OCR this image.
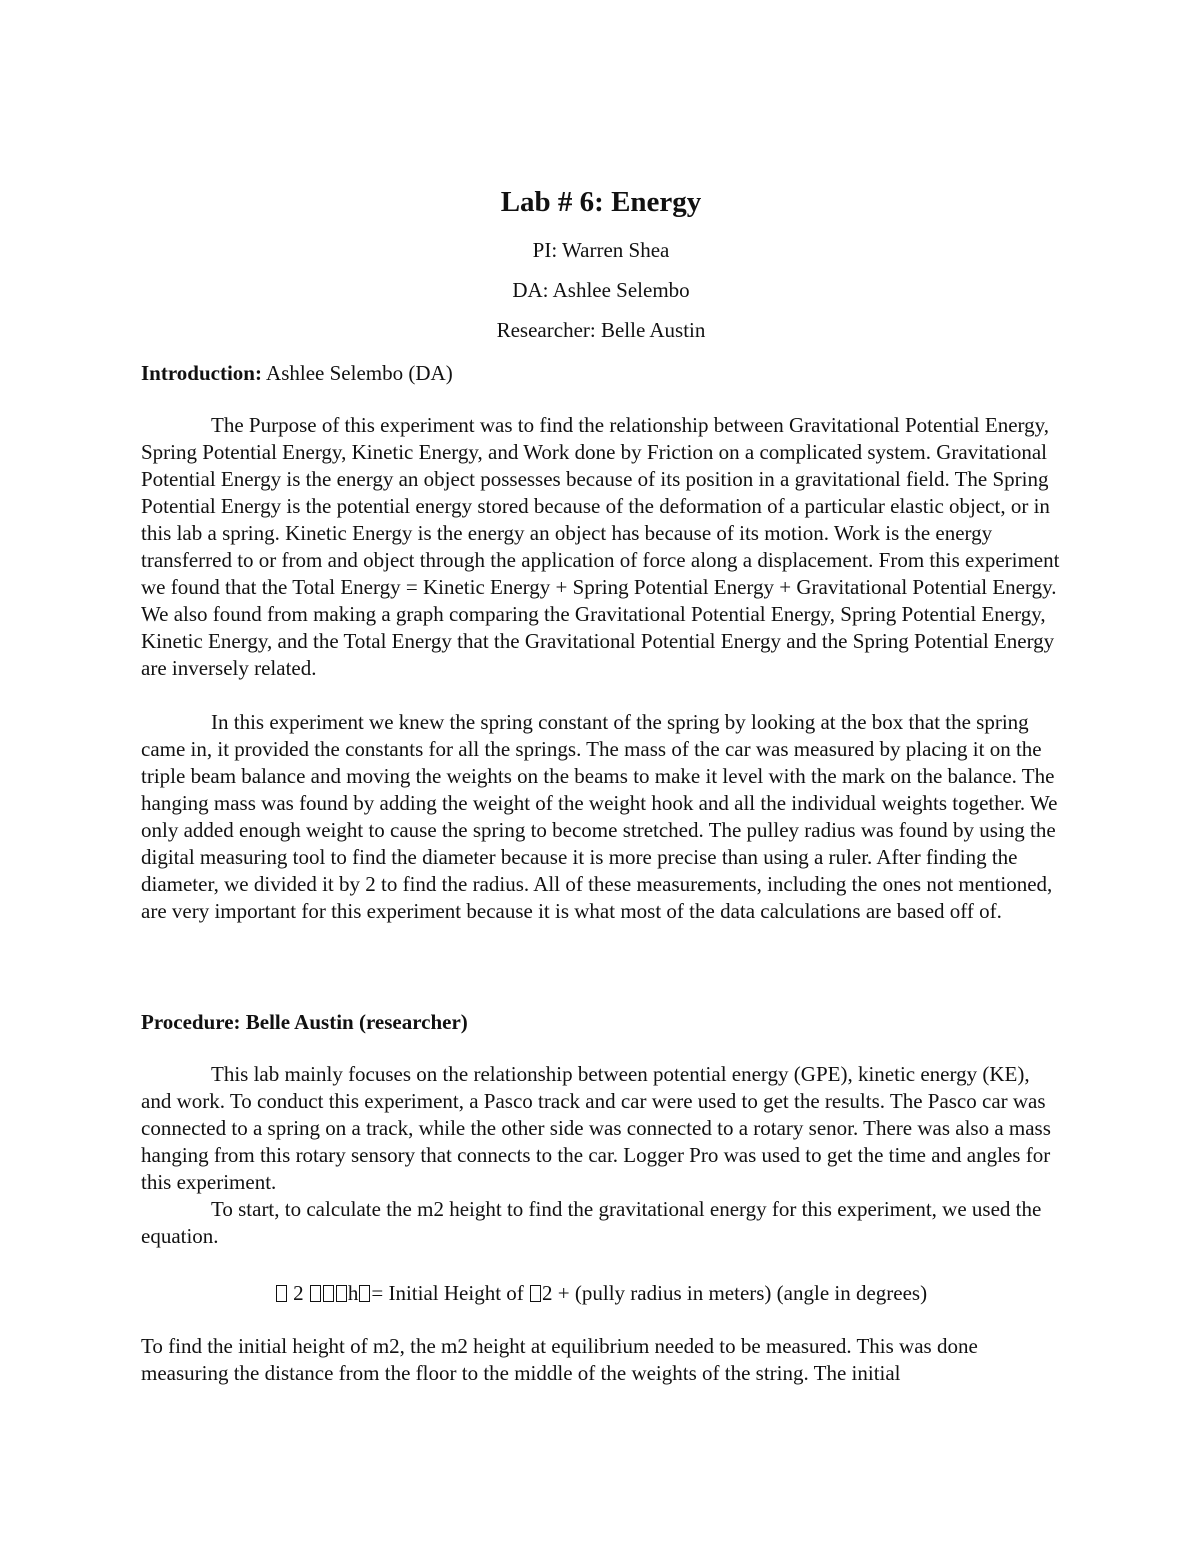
Lab # 6: Energy
PI: Warren Shea
DA: Ashlee Selembo
Researcher: Belle Austin
Introduction: Ashlee Selembo (DA)

The Purpose of this experiment was to find the relationship between Gravitational Potential Energy, Spring Potential Energy, Kinetic Energy, and Work done by Friction on a complicated system. Gravitational Potential Energy is the energy an object possesses because of its position in a gravitational field. The Spring Potential Energy is the potential energy stored because of the deformation of a particular elastic object, or in this lab a spring. Kinetic Energy is the energy an object has because of its motion. Work is the energy transferred to or from and object through the application of force along a displacement. From this experiment we found that the Total Energy = Kinetic Energy + Spring Potential Energy + Gravitational Potential Energy. We also found from making a graph comparing the Gravitational Potential Energy, Spring Potential Energy, Kinetic Energy, and the Total Energy that the Gravitational Potential Energy and the Spring Potential Energy are inversely related.

In this experiment we knew the spring constant of the spring by looking at the box that the spring came in, it provided the constants for all the springs. The mass of the car was measured by placing it on the triple beam balance and moving the weights on the beams to make it level with the mark on the balance. The hanging mass was found by adding the weight of the weight hook and all the individual weights together. We only added enough weight to cause the spring to become stretched. The pulley radius was found by using the digital measuring tool to find the diameter because it is more precise than using a ruler. After finding the diameter, we divided it by 2 to find the radius. All of these measurements, including the ones not mentioned, are very important for this experiment because it is what most of the data calculations are based off of.

Procedure: Belle Austin (researcher)

This lab mainly focuses on the relationship between potential energy (GPE), kinetic energy (KE), and work. To conduct this experiment, a Pasco track and car were used to get the results. The Pasco car was connected to a spring on a track, while the other side was connected to a rotary senor. There was also a mass hanging from this rotary sensory that connects to the car. Logger Pro was used to get the time and angles for this experiment.

To start, to calculate the m2 height to find the gravitational energy for this experiment, we used the equation.

2 h = Initial Height of 2 + (pully radius in meters) (angle in degrees)

To find the initial height of m2, the m2 height at equilibrium needed to be measured. This was done measuring the distance from the floor to the middle of the weights of the string. The initial
